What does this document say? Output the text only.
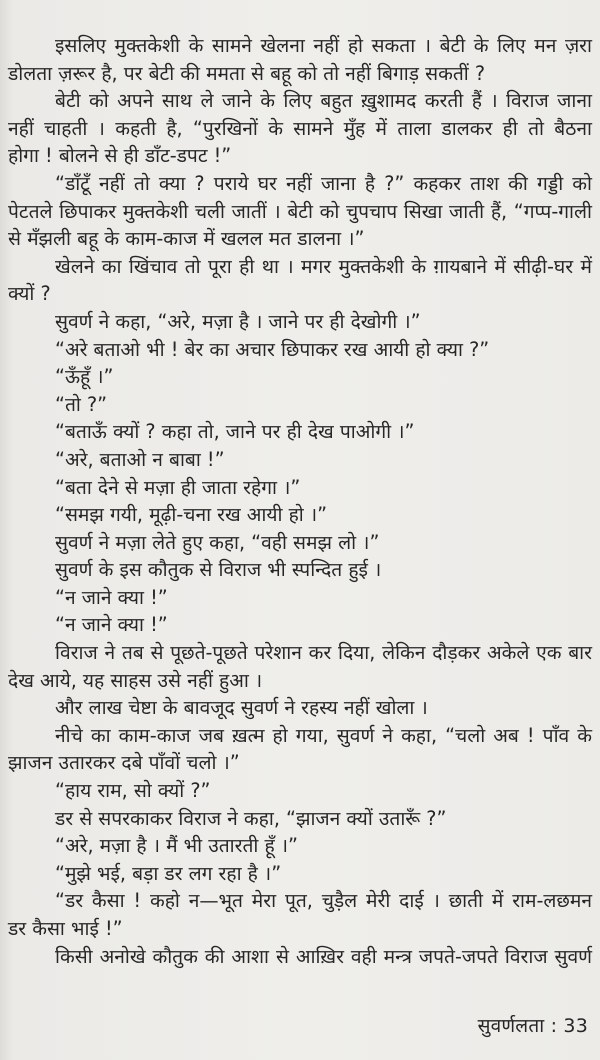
इसलिए मुक्तकेशी के सामने खेलना नहीं हो सकता । बेटी के लिए मन ज़रा
डोलता ज़रूर है, पर बेटी की ममता से बहू को तो नहीं बिगाड़ सकतीं ?
बेटी को अपने साथ ले जाने के लिए बहुत ख़ुशामद करती हैं । विराज जाना
नहीं चाहती । कहती है, “पुरखिनों के सामने मुँह में ताला डालकर ही तो बैठना
होगा ! बोलने से ही डाँट-डपट !”
“डाँटूँ नहीं तो क्या ? पराये घर नहीं जाना है ?” कहकर ताश की गड्डी को
पेटतले छिपाकर मुक्तकेशी चली जातीं । बेटी को चुपचाप सिखा जाती हैं, “गप्प-गाली
से मँझली बहू के काम-काज में खलल मत डालना ।”
खेलने का खिंचाव तो पूरा ही था । मगर मुक्तकेशी के ग़ायबाने में सीढ़ी-घर में
क्यों ?
सुवर्ण ने कहा, “अरे, मज़ा है । जाने पर ही देखोगी ।”
“अरे बताओ भी ! बेर का अचार छिपाकर रख आयी हो क्या ?”
“ऊँहूँ ।”
“तो ?”
“बताऊँ क्यों ? कहा तो, जाने पर ही देख पाओगी ।”
“अरे, बताओ न बाबा !”
“बता देने से मज़ा ही जाता रहेगा ।”
“समझ गयी, मूढ़ी-चना रख आयी हो ।”
सुवर्ण ने मज़ा लेते हुए कहा, “वही समझ लो ।”
सुवर्ण के इस कौतुक से विराज भी स्पन्दित हुई ।
“न जाने क्या !”
“न जाने क्या !”
विराज ने तब से पूछते-पूछते परेशान कर दिया, लेकिन दौड़कर अकेले एक बार
देख आये, यह साहस उसे नहीं हुआ ।
और लाख चेष्टा के बावजूद सुवर्ण ने रहस्य नहीं खोला ।
नीचे का काम-काज जब ख़त्म हो गया, सुवर्ण ने कहा, “चलो अब ! पाँव के
झाजन उतारकर दबे पाँवों चलो ।”
“हाय राम, सो क्यों ?”
डर से सपरकाकर विराज ने कहा, “झाजन क्यों उतारूँ ?”
“अरे, मज़ा है । मैं भी उतारती हूँ ।”
“मुझे भई, बड़ा डर लग रहा है ।”
“डर कैसा ! कहो न—भूत मेरा पूत, चुड़ैल मेरी दाई । छाती में राम-लछमन
डर कैसा भाई !”
किसी अनोखे कौतुक की आशा से आख़िर वही मन्त्र जपते-जपते विराज सुवर्ण
सुवर्णलता : 33
